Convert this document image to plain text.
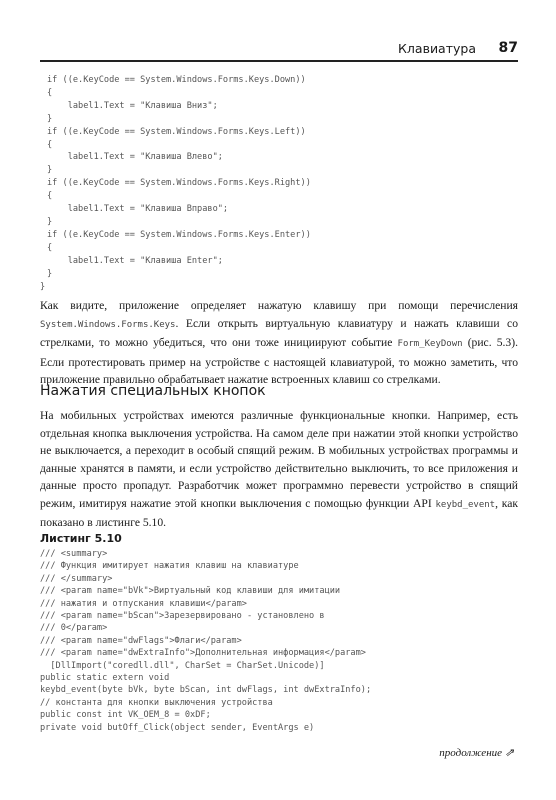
Клавиатура 87
if ((e.KeyCode == System.Windows.Forms.Keys.Down))
{
label1.Text = "Клавиша Вниз";
}
if ((e.KeyCode == System.Windows.Forms.Keys.Left))
{
label1.Text = "Клавиша Влево";
}
if ((e.KeyCode == System.Windows.Forms.Keys.Right))
{
label1.Text = "Клавиша Вправо";
}
if ((e.KeyCode == System.Windows.Forms.Keys.Enter))
{
label1.Text = "Клавиша Enter";
}
}

Как видите, приложение определяет нажатую клавишу при помощи перечисления System.Windows.Forms.Keys. Если открыть виртуальную клавиатуру и нажать клавиши со стрелками, то можно убедиться, что они тоже инициируют событие Form_KeyDown (рис. 5.3). Если протестировать пример на устройстве с настоящей клавиатурой, то можно заметить, что приложение правильно обрабатывает нажатие встроенных клавиш со стрелками.

Нажатия специальных кнопок

На мобильных устройствах имеются различные функциональные кнопки. Например, есть отдельная кнопка выключения устройства. На самом деле при нажатии этой кнопки устройство не выключается, а переходит в особый спящий режим. В мобильных устройствах программы и данные хранятся в памяти, и если устройство действительно выключить, то все приложения и данные просто пропадут. Разработчик может программно перевести устройство в спящий режим, имитируя нажатие этой кнопки выключения с помощью функции API keybd_event, как показано в листинге 5.10.

Листинг 5.10
/// <summary>
/// Функция имитирует нажатия клавиш на клавиатуре
/// </summary>
/// <param name="bVk">Виртуальный код клавиши для имитации
/// нажатия и отпускания клавиши</param>
/// <param name="bScan">Зарезервировано - установлено в
/// 0</param>
/// <param name="dwFlags">Флаги</param>
/// <param name="dwExtraInfo">Дополнительная информация</param>
[DllImport("coredll.dll", CharSet = CharSet.Unicode)]
public static extern void
keybd_event(byte bVk, byte bScan, int dwFlags, int dwExtraInfo);
// константа для кнопки выключения устройства
public const int VK_OEM_8 = 0xDF;
private void butOff_Click(object sender, EventArgs e)
продолжение ⇗
